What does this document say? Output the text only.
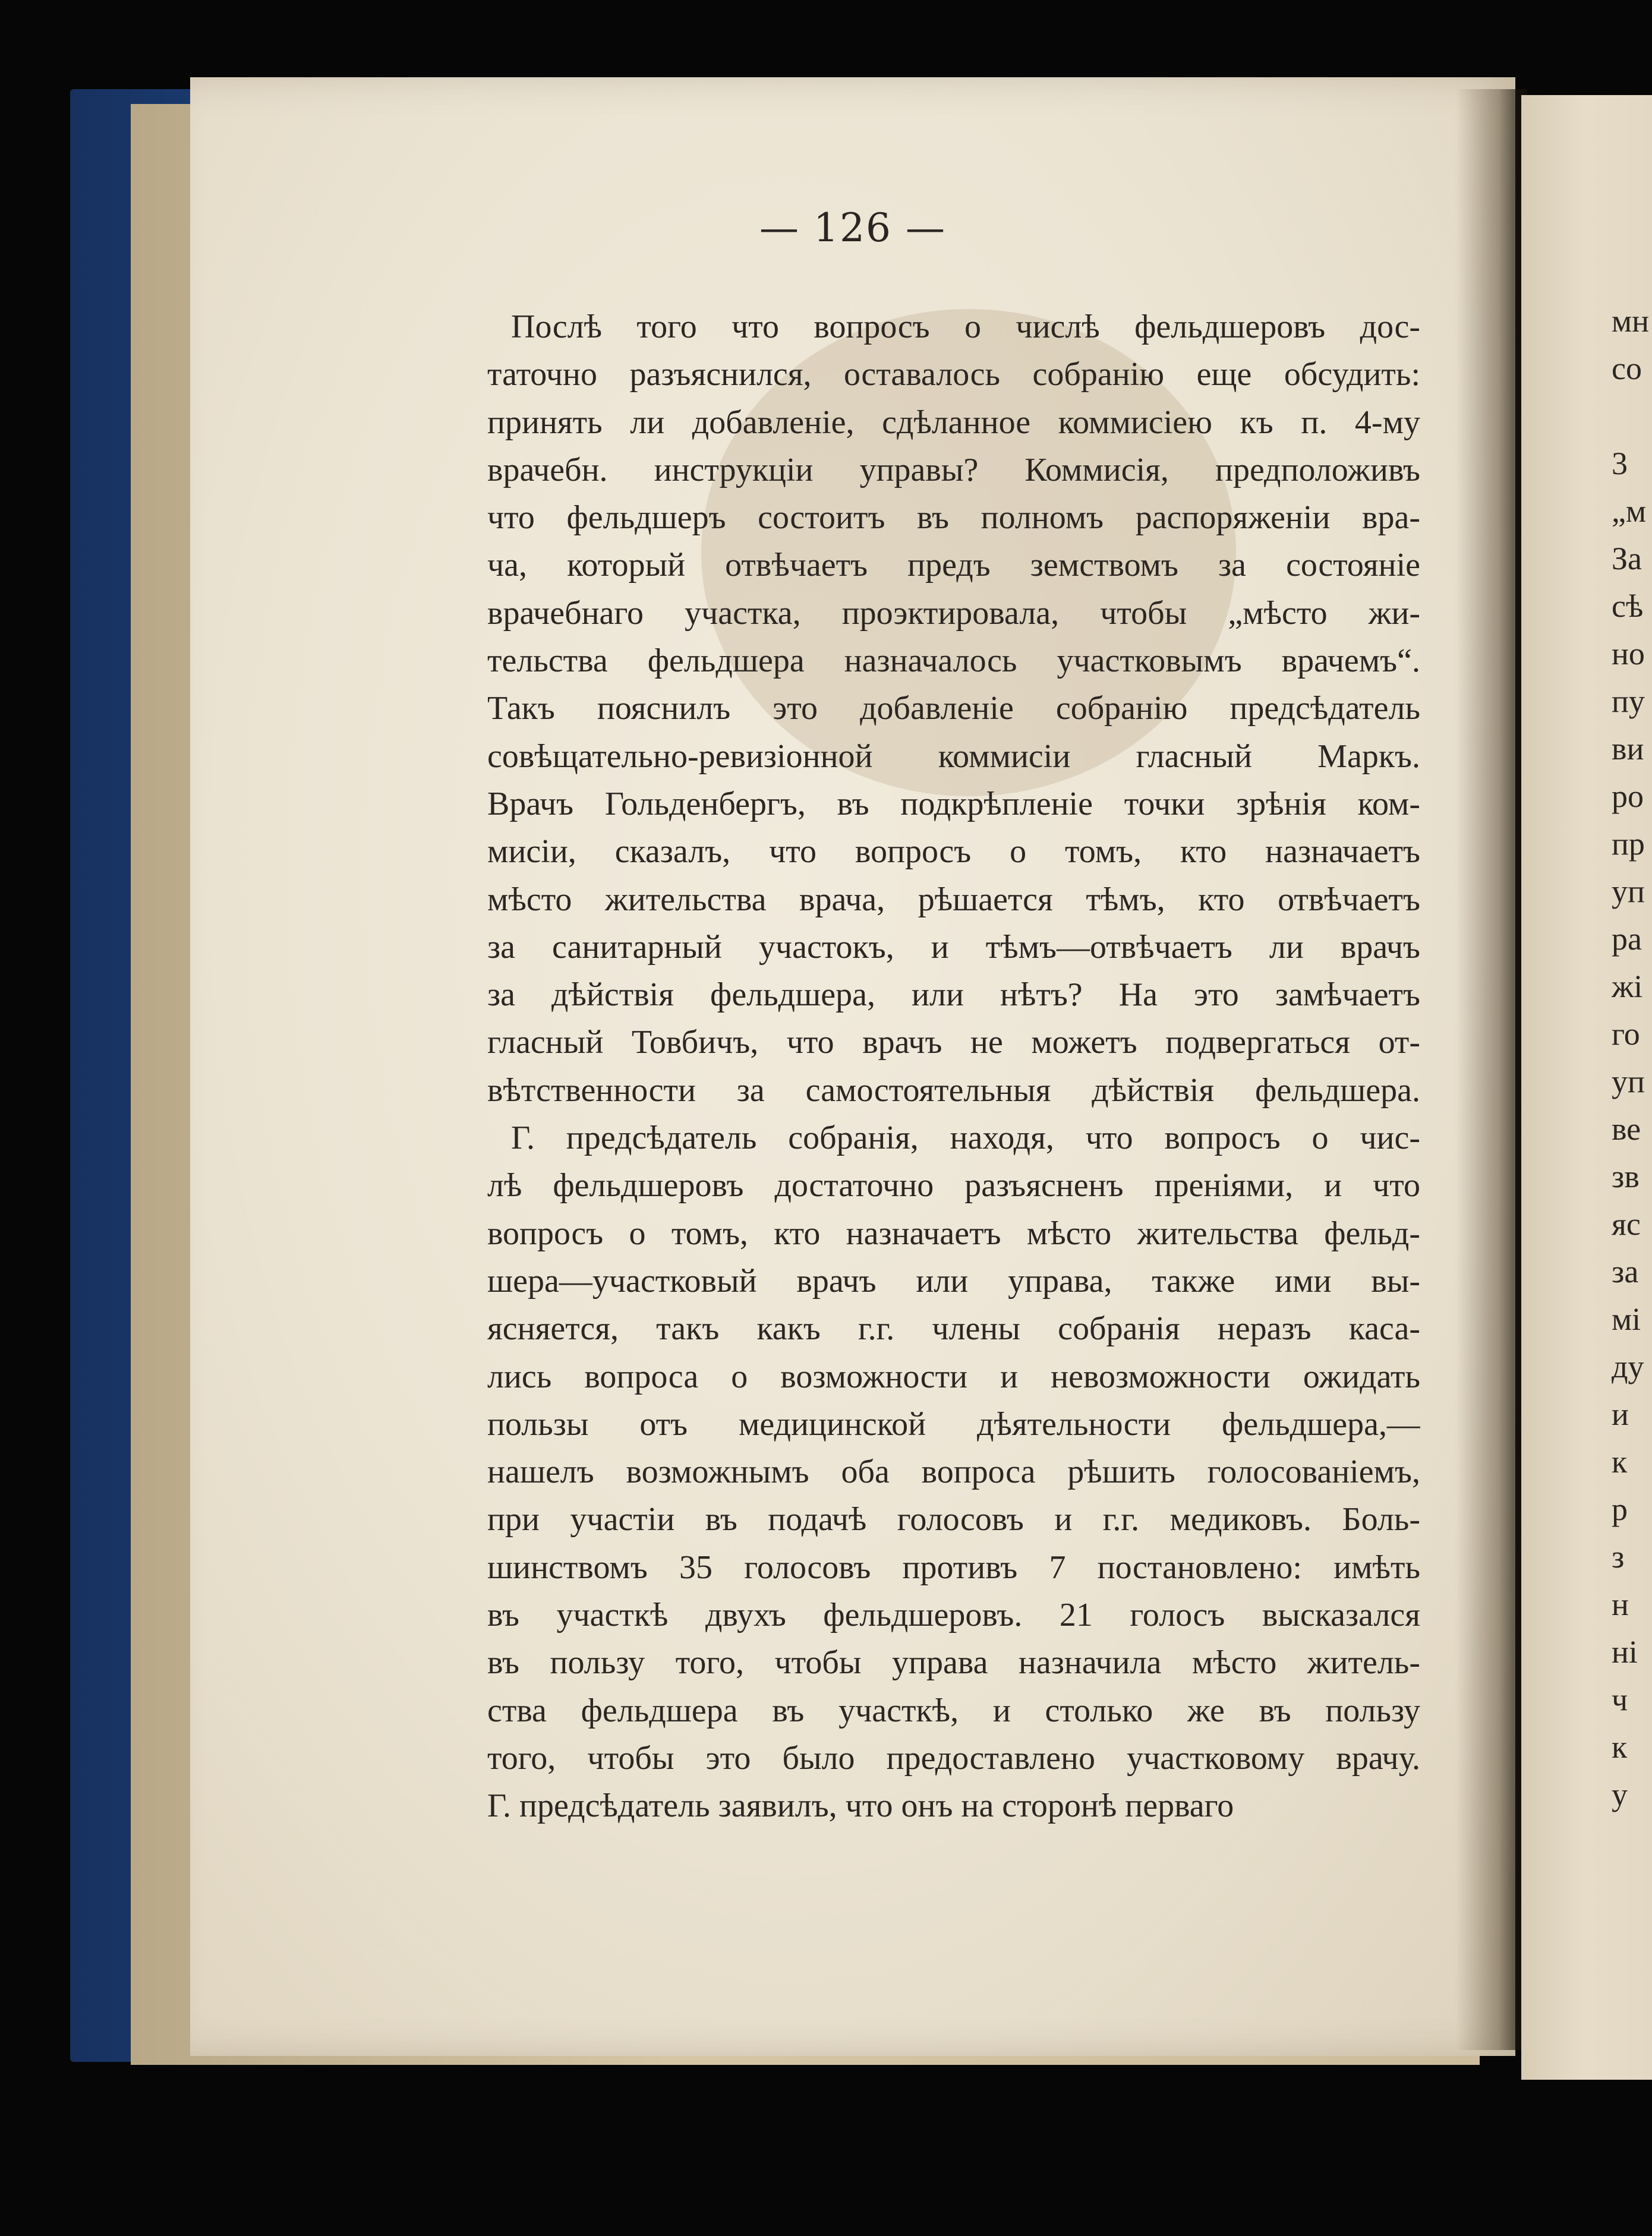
— 126 —
Послѣ того что вопросъ о числѣ фельдшеровъ дос-
таточно разъяснился, оставалось собранію еще обсудить:
принять ли добавленіе, сдѣланное коммисіею къ п. 4-му
врачебн. инструкціи управы? Коммисія, предположивъ
что фельдшеръ состоитъ въ полномъ распоряженіи вра-
ча, который отвѣчаетъ предъ земствомъ за состояніе
врачебнаго участка, проэктировала, чтобы „мѣсто жи-
тельства фельдшера назначалось участковымъ врачемъ“.
Такъ пояснилъ это добавленіе собранію предсѣдатель
совѣщательно-ревизіонной коммисіи гласный Маркъ.
Врачъ Гольденбергъ, въ подкрѣпленіе точки зрѣнія ком-
мисіи, сказалъ, что вопросъ о томъ, кто назначаетъ
мѣсто жительства врача, рѣшается тѣмъ, кто отвѣчаетъ
за санитарный участокъ, и тѣмъ—отвѣчаетъ ли врачъ
за дѣйствія фельдшера, или нѣтъ? На это замѣчаетъ
гласный Товбичъ, что врачъ не можетъ подвергаться от-
вѣтственности за самостоятельныя дѣйствія фельдшера.
Г. предсѣдатель собранія, находя, что вопросъ о чис-
лѣ фельдшеровъ достаточно разъясненъ преніями, и что
вопросъ о томъ, кто назначаетъ мѣсто жительства фельд-
шера—участковый врачъ или управа, также ими вы-
ясняется, такъ какъ г.г. члены собранія неразъ каса-
лись вопроса о возможности и невозможности ожидать
пользы отъ медицинской дѣятельности фельдшера,—
нашелъ возможнымъ оба вопроса рѣшить голосованіемъ,
при участіи въ подачѣ голосовъ и г.г. медиковъ. Боль-
шинствомъ 35 голосовъ противъ 7 постановлено: имѣть
въ участкѣ двухъ фельдшеровъ. 21 голосъ высказался
въ пользу того, чтобы управа назначила мѣсто житель-
ства фельдшера въ участкѣ, и столько же въ пользу
того, чтобы это было предоставлено участковому врачу.
Г. предсѣдатель заявилъ, что онъ на сторонѣ перваго
мн
со
3
„м
За
сѣ
но
пу
ви
ро
пр
уп
ра
жі
го
уп
ве
зв
яс
за
мі
ду
и
к
р
з
н
ні
ч
к
у
